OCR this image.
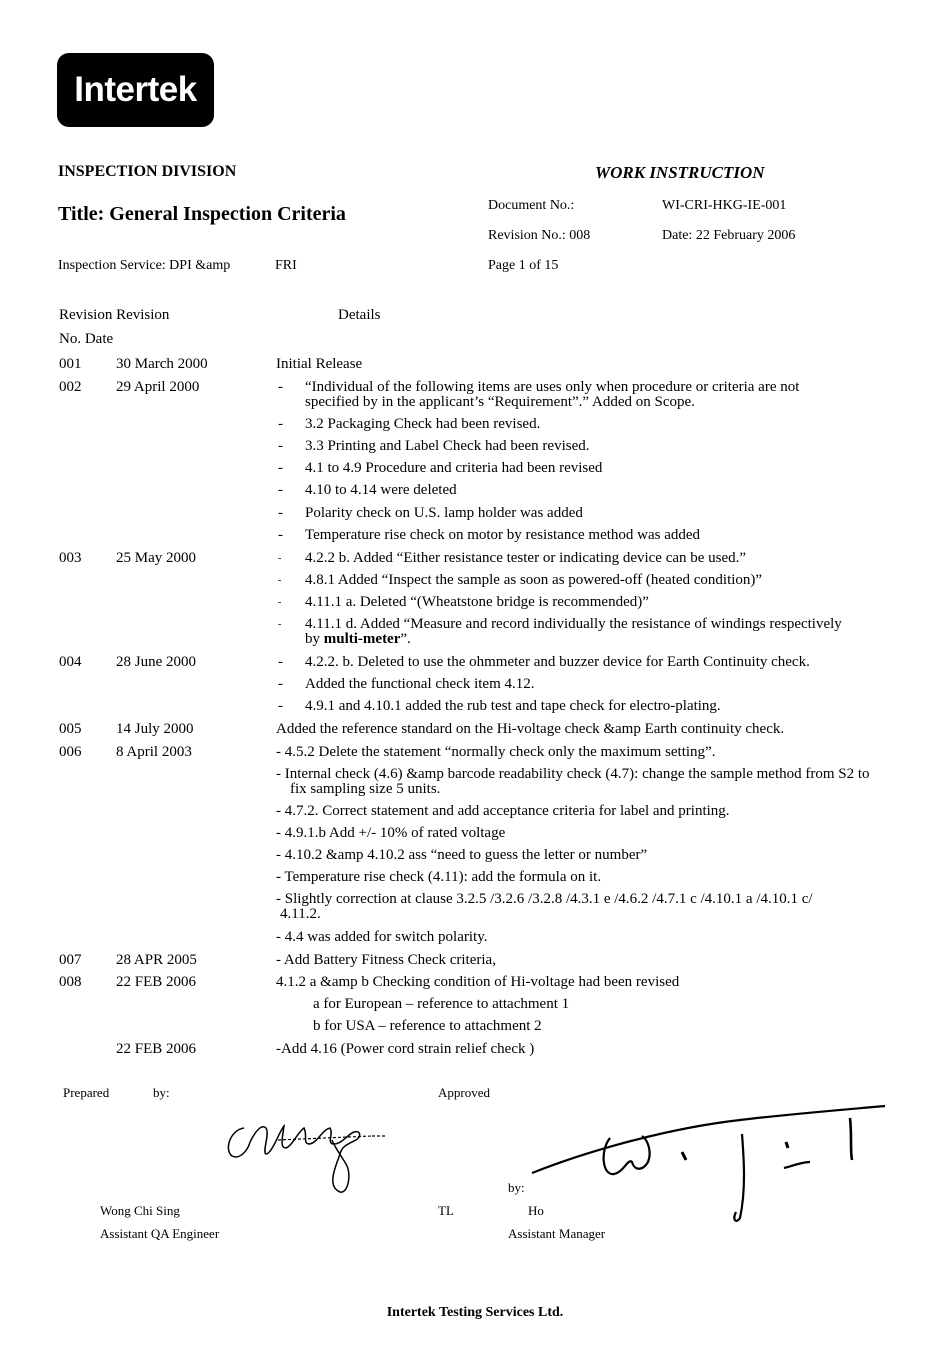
Intertek
INSPECTION DIVISION	WORK INSTRUCTION
Title: General Inspection Criteria	Document No.:	WI-CRI-HKG-IE-001
Revision No.: 008	Date: 22 February 2006
Inspection Service: DPI &amp	FRI	Page 1 of 15
Revision Revision
No. Date
Details
001 30 March 2000	Initial Release
002 29 April 2000	- “Individual of the following items are uses only when procedure or criteria are not
specified by in the applicant’s “Requirement”.” Added on Scope.
- 3.2 Packaging Check had been revised.
- 3.3 Printing and Label Check had been revised.
- 4.1 to 4.9 Procedure and criteria had been revised
- 4.10 to 4.14 were deleted
- Polarity check on U.S. lamp holder was added
- Temperature rise check on motor by resistance method was added
003 25 May 2000	- 4.2.2 b. Added “Either resistance tester or indicating device can be used.”
- 4.8.1 Added “Inspect the sample as soon as powered-off (heated condition)”
- 4.11.1 a. Deleted “(Wheatstone bridge is recommended)”
- 4.11.1 d. Added “Measure and record individually the resistance of windings respectively
by multi-meter”.
004 28 June 2000	- 4.2.2. b. Deleted to use the ohmmeter and buzzer device for Earth Continuity check.
- Added the functional check item 4.12.
- 4.9.1 and 4.10.1 added the rub test and tape check for electro-plating.
005 14 July 2000	Added the reference standard on the Hi-voltage check &amp Earth continuity check.
006 8 April 2003	- 4.5.2 Delete the statement “normally check only the maximum setting”.
- Internal check (4.6) &amp barcode readability check (4.7): change the sample method from S2 to
fix sampling size 5 units.
- 4.7.2. Correct statement and add acceptance criteria for label and printing.
- 4.9.1.b Add +/- 10% of rated voltage
- 4.10.2 &amp 4.10.2 ass “need to guess the letter or number”
- Temperature rise check (4.11): add the formula on it.
- Slightly correction at clause 3.2.5 /3.2.6 /3.2.8 /4.3.1 e /4.6.2 /4.7.1 c /4.10.1 a /4.10.1 c/
4.11.2.
- 4.4 was added for switch polarity.
007 28 APR 2005	- Add Battery Fitness Check criteria,
008 22 FEB 2006	4.1.2 a &amp b Checking condition of Hi-voltage had been revised
a for European – reference to attachment 1
b for USA – reference to attachment 2
22 FEB 2006	-Add 4.16 (Power cord strain relief check )
Prepared	by:	Approved
by:
Wong Chi Sing
Assistant QA Engineer
TL	Ho
Assistant Manager
Intertek Testing Services Ltd.
